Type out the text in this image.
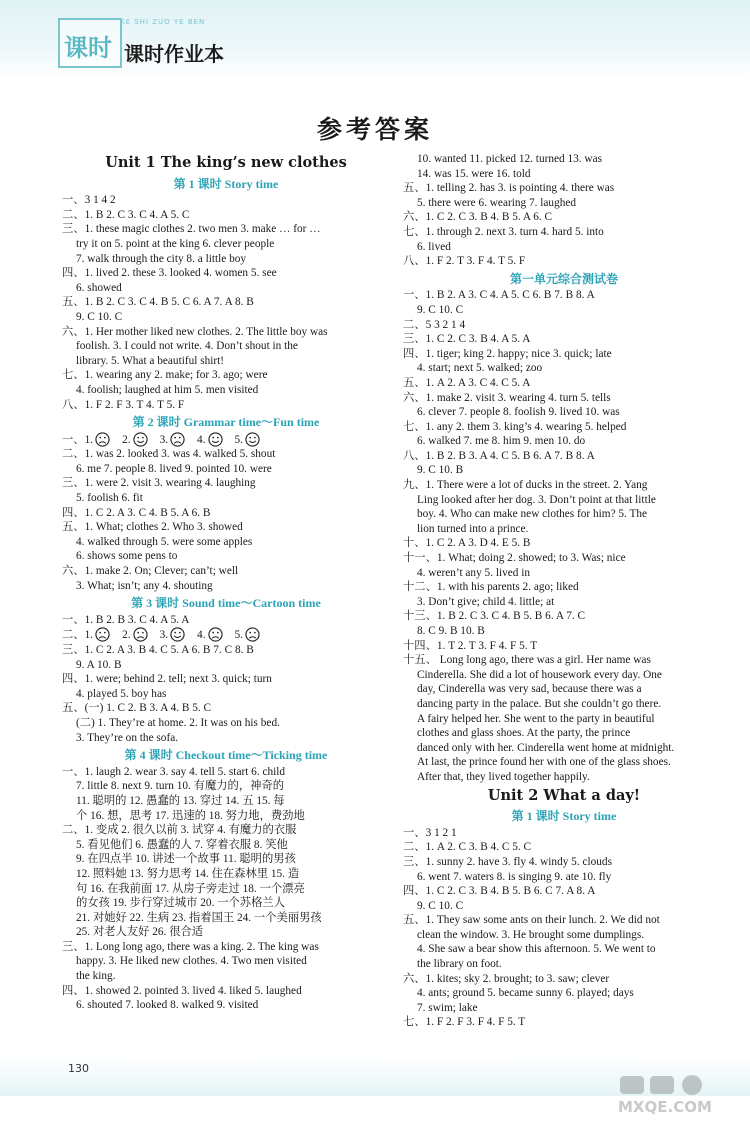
课时
KE SHI ZUO YE BEN
课时作业本
参考答案
Unit 1 The king’s new clothes
第 1 课时 Story time
一、3 1 4 2
二、1. B 2. C 3. C 4. A 5. C
三、1. these magic clothes 2. two men 3. make … for …
try it on 5. point at the king 6. clever people
7. walk through the city 8. a little boy
四、1. lived 2. these 3. looked 4. women 5. see
6. showed
五、1. B 2. C 3. C 4. B 5. C 6. A 7. A 8. B
9. C 10. C
六、1. Her mother liked new clothes. 2. The little boy was
foolish. 3. I could not write. 4. Don’t shout in the
library. 5. What a beautiful shirt!
七、1. wearing any 2. make; for 3. ago; were
4. foolish; laughed at him 5. men visited
八、1. F 2. F 3. T 4. T 5. F
第 2 课时 Grammar time～Fun time
一、1.	2.	3.	4.	5.
二、1. was 2. looked 3. was 4. walked 5. shout
6. me 7. people 8. lived 9. pointed 10. were
三、1. were 2. visit 3. wearing 4. laughing
5. foolish 6. fit
四、1. C 2. A 3. C 4. B 5. A 6. B
五、1. What; clothes 2. Who 3. showed
4. walked through 5. were some apples
6. shows some pens to
六、1. make 2. On; Clever; can’t; well
3. What; isn’t; any 4. shouting
第 3 课时 Sound time～Cartoon time
一、1. B 2. B 3. C 4. A 5. A
二、1.	2.	3.	4.	5.
三、1. C 2. A 3. B 4. C 5. A 6. B 7. C 8. B
9. A 10. B
四、1. were; behind 2. tell; next 3. quick; turn
4. played 5. boy has
五、(一) 1. C 2. B 3. A 4. B 5. C
(二) 1. They’re at home. 2. It was on his bed.
3. They’re on the sofa.
第 4 课时 Checkout time～Ticking time
一、1. laugh 2. wear 3. say 4. tell 5. start 6. child
7. little 8. next 9. turn 10. 有魔力的，神奇的
11. 聪明的 12. 愚蠢的 13. 穿过 14. 五 15. 每
个 16. 想，思考 17. 迅速的 18. 努力地，费劲地
二、1. 变成 2. 很久以前 3. 试穿 4. 有魔力的衣服
5. 看见他们 6. 愚蠢的人 7. 穿着衣服 8. 笑他
9. 在四点半 10. 讲述一个故事 11. 聪明的男孩
12. 照料她 13. 努力思考 14. 住在森林里 15. 造
句 16. 在我前面 17. 从房子旁走过 18. 一个漂亮
的女孩 19. 步行穿过城市 20. 一个苏格兰人
21. 对她好 22. 生病 23. 指着国王 24. 一个美丽男孩
25. 对老人友好 26. 很合适
三、1. Long long ago, there was a king. 2. The king was
happy. 3. He liked new clothes. 4. Two men visited
the king.
四、1. showed 2. pointed 3. lived 4. liked 5. laughed
6. shouted 7. looked 8. walked 9. visited
10. wanted 11. picked 12. turned 13. was
14. was 15. were 16. told
五、1. telling 2. has 3. is pointing 4. there was
5. there were 6. wearing 7. laughed
六、1. C 2. C 3. B 4. B 5. A 6. C
七、1. through 2. next 3. turn 4. hard 5. into
6. lived
八、1. F 2. T 3. F 4. T 5. F
第一单元综合测试卷
一、1. B 2. A 3. C 4. A 5. C 6. B 7. B 8. A
9. C 10. C
二、5 3 2 1 4
三、1. C 2. C 3. B 4. A 5. A
四、1. tiger; king 2. happy; nice 3. quick; late
4. start; next 5. walked; zoo
五、1. A 2. A 3. C 4. C 5. A
六、1. make 2. visit 3. wearing 4. turn 5. tells
6. clever 7. people 8. foolish 9. lived 10. was
七、1. any 2. them 3. king’s 4. wearing 5. helped
6. walked 7. me 8. him 9. men 10. do
八、1. B 2. B 3. A 4. C 5. B 6. A 7. B 8. A
9. C 10. B
九、1. There were a lot of ducks in the street. 2. Yang
Ling looked after her dog. 3. Don’t point at that little
boy. 4. Who can make new clothes for him? 5. The
lion turned into a prince.
十、1. C 2. A 3. D 4. E 5. B
十一、1. What; doing 2. showed; to 3. Was; nice
4. weren’t any 5. lived in
十二、1. with his parents 2. ago; liked
3. Don’t give; child 4. little; at
十三、1. B 2. C 3. C 4. B 5. B 6. A 7. C
8. C 9. B 10. B
十四、1. T 2. T 3. F 4. F 5. T
十五、 Long long ago, there was a girl. Her name was
Cinderella. She did a lot of housework every day. One
day, Cinderella was very sad, because there was a
dancing party in the palace. But she couldn’t go there.
A fairy helped her. She went to the party in beautiful
clothes and glass shoes. At the party, the prince
danced only with her. Cinderella went home at midnight.
At last, the prince found her with one of the glass shoes.
After that, they lived together happily.
Unit 2 What a day!
第 1 课时 Story time
一、3 1 2 1
二、1. A 2. C 3. B 4. C 5. C
三、1. sunny 2. have 3. fly 4. windy 5. clouds
6. went 7. waters 8. is singing 9. ate 10. fly
四、1. C 2. C 3. B 4. B 5. B 6. C 7. A 8. A
9. C 10. C
五、1. They saw some ants on their lunch. 2. We did not
clean the window. 3. He brought some dumplings.
4. She saw a bear show this afternoon. 5. We went to
the library on foot.
六、1. kites; sky 2. brought; to 3. saw; clever
4. ants; ground 5. became sunny 6. played; days
7. swim; lake
七、1. F 2. F 3. F 4. F 5. T
130
MXQE.COM
